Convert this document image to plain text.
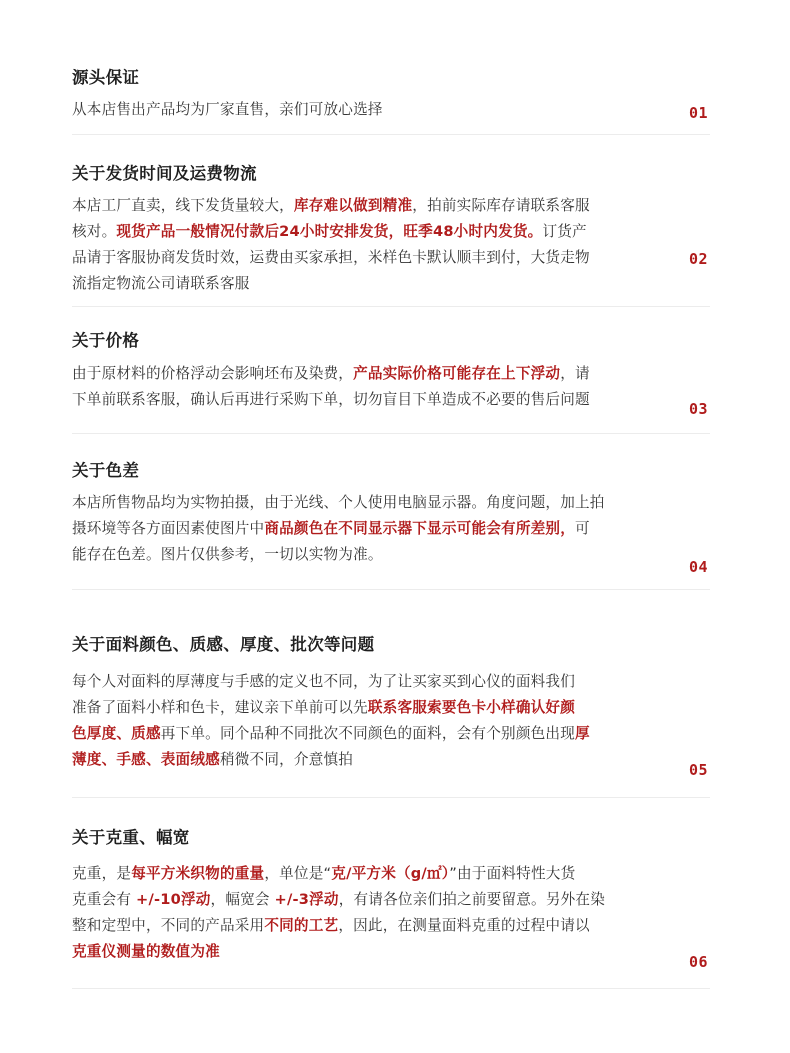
源头保证

从本店售出产品均为厂家直售，亲们可放心选择	01
关于发货时间及运费物流

本店工厂直卖，线下发货量较大，库存难以做到精准，拍前实际库存请联系客服

核对。现货产品一般情况付款后24小时安排发货，旺季48小时内发货。订货产

品请于客服协商发货时效，运费由买家承担，米样色卡默认顺丰到付，大货走物

流指定物流公司请联系客服

02
关于价格

由于原材料的价格浮动会影响坯布及染费，产品实际价格可能存在上下浮动，请

下单前联系客服，确认后再进行采购下单，切勿盲目下单造成不必要的售后问题

03
关于色差

本店所售物品均为实物拍摄，由于光线、个人使用电脑显示器。角度问题，加上拍

摄环境等各方面因素使图片中商品颜色在不同显示器下显示可能会有所差别，可

能存在色差。图片仅供参考，一切以实物为准。

04
关于面料颜色、质感、厚度、批次等问题

每个人对面料的厚薄度与手感的定义也不同，为了让买家买到心仪的面料我们

准备了面料小样和色卡，建议亲下单前可以先联系客服索要色卡小样确认好颜

色厚度、质感再下单。同个品种不同批次不同颜色的面料，会有个别颜色出现厚

薄度、手感、表面绒感稍微不同，介意慎拍

05
关于克重、幅宽

克重，是每平方米织物的重量，单位是“克/平方米（g/㎡）”由于面料特性大货

克重会有 +/-10浮动，幅宽会 +/-3浮动，有请各位亲们拍之前要留意。另外在染

整和定型中，不同的产品采用不同的工艺，因此，在测量面料克重的过程中请以

克重仪测量的数值为准

06
